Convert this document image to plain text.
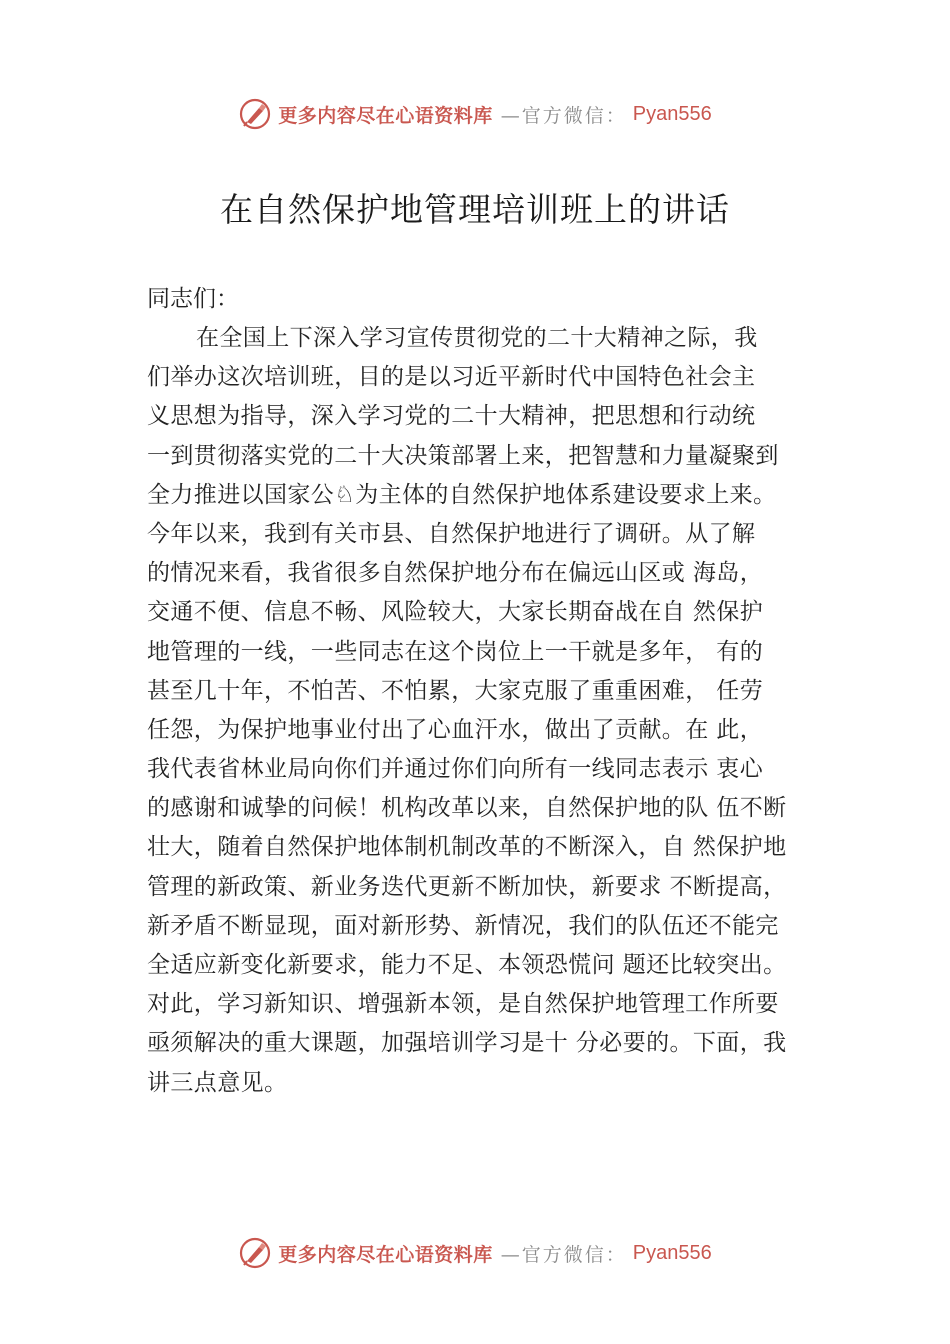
更多内容尽在心语资料库 —官方微信： Pyan556
在自然保护地管理培训班上的讲话
同志们：
在全国上下深入学习宣传贯彻党的二十大精神之际，我
们举办这次培训班，目的是以习近平新时代中国特色社会主
义思想为指导，深入学习党的二十大精神，把思想和行动统
一到贯彻落实党的二十大决策部署上来，把智慧和力量凝聚到
全力推进以国家公♘为主体的自然保护地体系建设要求上来。
今年以来，我到有关市县、自然保护地进行了调研。从了解
的情况来看，我省很多自然保护地分布在偏远山区或 海岛，
交通不便、信息不畅、风险较大，大家长期奋战在自 然保护
地管理的一线，一些同志在这个岗位上一干就是多年， 有的
甚至几十年，不怕苦、不怕累，大家克服了重重困难， 任劳
任怨，为保护地事业付出了心血汗水，做出了贡献。在 此，
我代表省林业局向你们并通过你们向所有一线同志表示 衷心
的感谢和诚挚的问候！机构改革以来，自然保护地的队 伍不断
壮大，随着自然保护地体制机制改革的不断深入，自 然保护地
管理的新政策、新业务迭代更新不断加快，新要求 不断提高，
新矛盾不断显现，面对新形势、新情况，我们的队伍还不能完
全适应新变化新要求，能力不足、本领恐慌问 题还比较突出。
对此，学习新知识、增强新本领，是自然保护地管理工作所要
亟须解决的重大课题，加强培训学习是十 分必要的。下面，我
讲三点意见。
更多内容尽在心语资料库 —官方微信： Pyan556
